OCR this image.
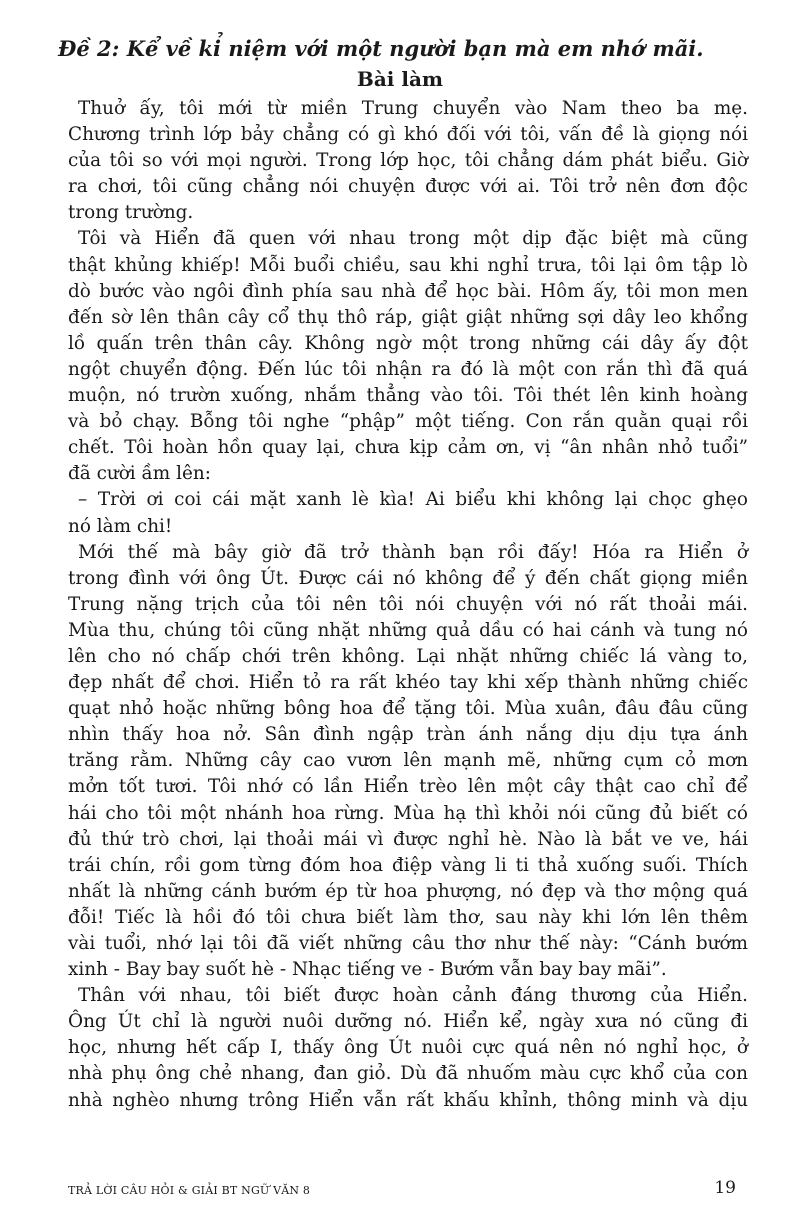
Đề 2: Kể về kỉ niệm với một người bạn mà em nhớ mãi.
Bài làm
Thuở ấy, tôi mới từ miền Trung chuyển vào Nam theo ba mẹ.
Chương trình lớp bảy chẳng có gì khó đối với tôi, vấn đề là giọng nói
của tôi so với mọi người. Trong lớp học, tôi chẳng dám phát biểu. Giờ
ra chơi, tôi cũng chẳng nói chuyện được với ai. Tôi trở nên đơn độc
trong trường.
Tôi và Hiển đã quen với nhau trong một dịp đặc biệt mà cũng
thật khủng khiếp! Mỗi buổi chiều, sau khi nghỉ trưa, tôi lại ôm tập lò
dò bước vào ngôi đình phía sau nhà để học bài. Hôm ấy, tôi mon men
đến sờ lên thân cây cổ thụ thô ráp, giật giật những sợi dây leo khổng
lồ quấn trên thân cây. Không ngờ một trong những cái dây ấy đột
ngột chuyển động. Đến lúc tôi nhận ra đó là một con rắn thì đã quá
muộn, nó trườn xuống, nhắm thẳng vào tôi. Tôi thét lên kinh hoàng
và bỏ chạy. Bỗng tôi nghe “phập” một tiếng. Con rắn quằn quại rồi
chết. Tôi hoàn hồn quay lại, chưa kịp cảm ơn, vị “ân nhân nhỏ tuổi”
đã cười ầm lên:
– Trời ơi coi cái mặt xanh lè kìa! Ai biểu khi không lại chọc ghẹo
nó làm chi!
Mới thế mà bây giờ đã trở thành bạn rồi đấy! Hóa ra Hiển ở
trong đình với ông Út. Được cái nó không để ý đến chất giọng miền
Trung nặng trịch của tôi nên tôi nói chuyện với nó rất thoải mái.
Mùa thu, chúng tôi cũng nhặt những quả dầu có hai cánh và tung nó
lên cho nó chấp chới trên không. Lại nhặt những chiếc lá vàng to,
đẹp nhất để chơi. Hiển tỏ ra rất khéo tay khi xếp thành những chiếc
quạt nhỏ hoặc những bông hoa để tặng tôi. Mùa xuân, đâu đâu cũng
nhìn thấy hoa nở. Sân đình ngập tràn ánh nắng dịu dịu tựa ánh
trăng rằm. Những cây cao vươn lên mạnh mẽ, những cụm cỏ mơn
mởn tốt tươi. Tôi nhớ có lần Hiển trèo lên một cây thật cao chỉ để
hái cho tôi một nhánh hoa rừng. Mùa hạ thì khỏi nói cũng đủ biết có
đủ thứ trò chơi, lại thoải mái vì được nghỉ hè. Nào là bắt ve ve, hái
trái chín, rồi gom từng đóm hoa điệp vàng li ti thả xuống suối. Thích
nhất là những cánh bướm ép từ hoa phượng, nó đẹp và thơ mộng quá
đỗi! Tiếc là hồi đó tôi chưa biết làm thơ, sau này khi lớn lên thêm
vài tuổi, nhớ lại tôi đã viết những câu thơ như thế này: “Cánh bướm
xinh - Bay bay suốt hè - Nhạc tiếng ve - Bướm vẫn bay bay mãi”.
Thân với nhau, tôi biết được hoàn cảnh đáng thương của Hiển.
Ông Út chỉ là người nuôi dưỡng nó. Hiển kể, ngày xưa nó cũng đi
học, nhưng hết cấp I, thấy ông Út nuôi cực quá nên nó nghỉ học, ở
nhà phụ ông chẻ nhang, đan giỏ. Dù đã nhuốm màu cực khổ của con
nhà nghèo nhưng trông Hiển vẫn rất khấu khỉnh, thông minh và dịu
TRẢ LỜI CÂU HỎI & GIẢI BT NGỮ VĂN 8	19
